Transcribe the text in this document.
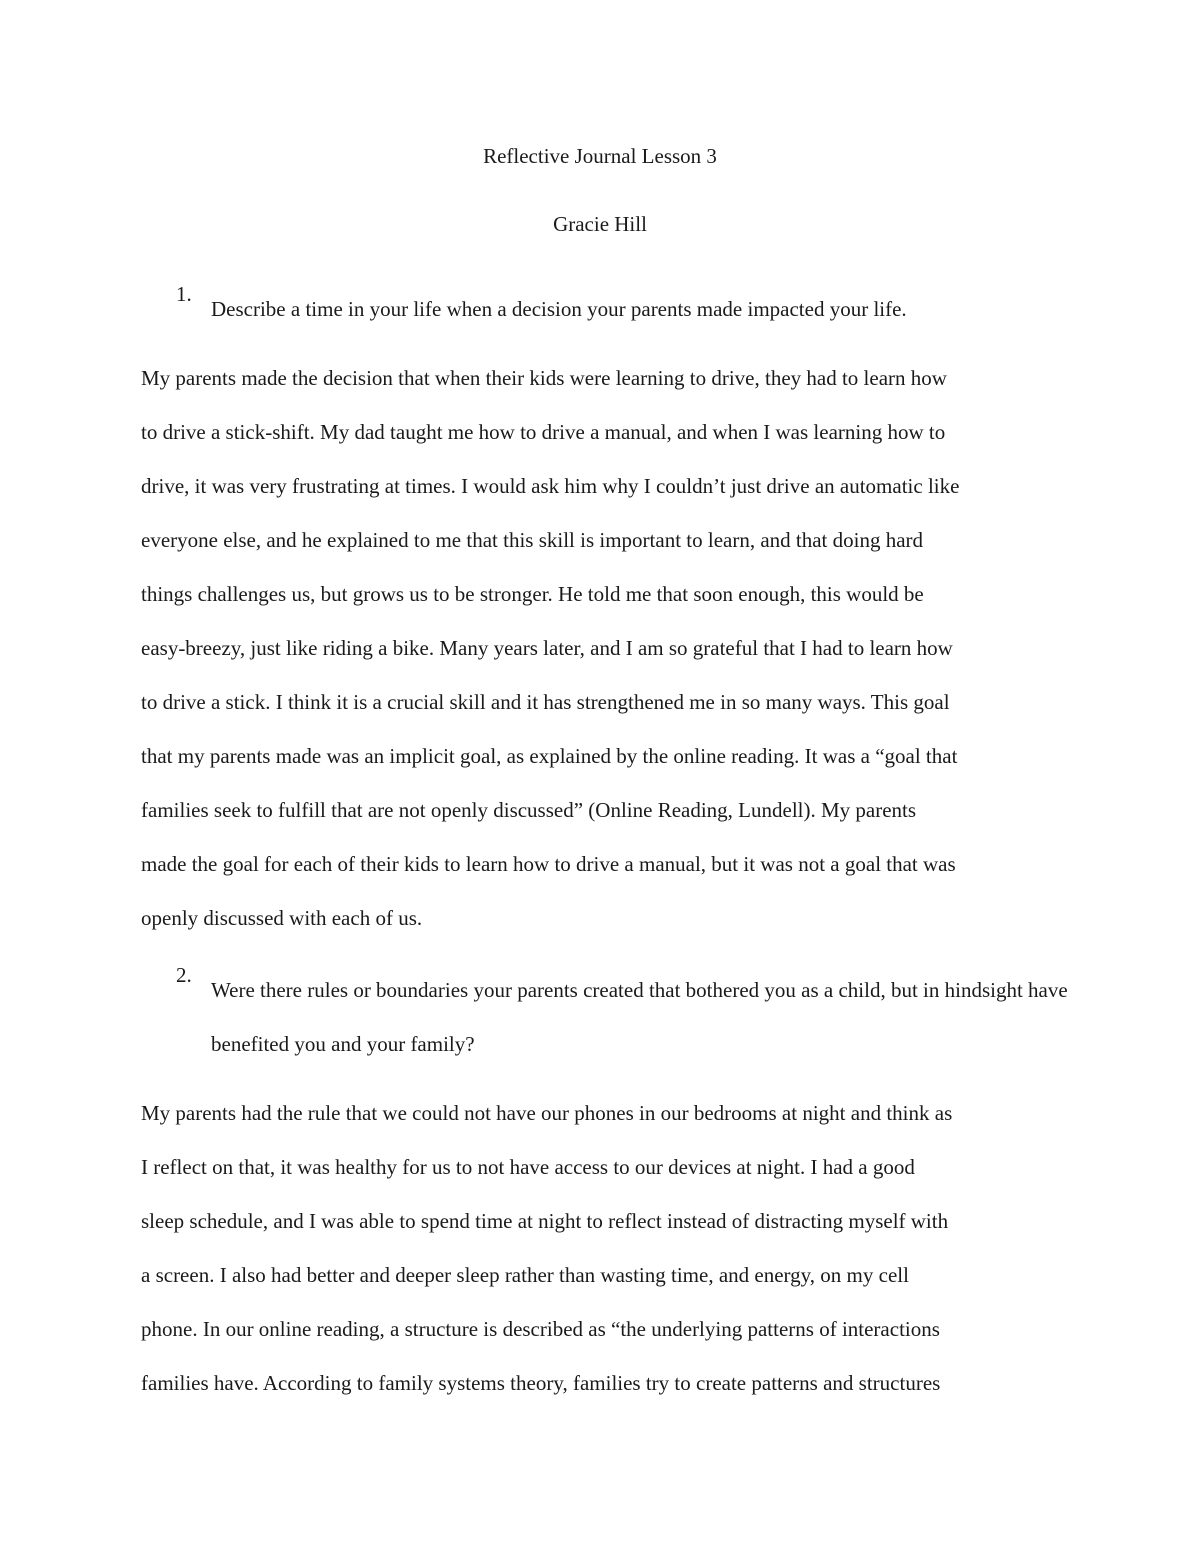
Reflective Journal Lesson 3
Gracie Hill
1.
Describe a time in your life when a decision your parents made impacted your life.
My parents made the decision that when their kids were learning to drive, they had to learn how
to drive a stick-shift. My dad taught me how to drive a manual, and when I was learning how to
drive, it was very frustrating at times. I would ask him why I couldn’t just drive an automatic like
everyone else, and he explained to me that this skill is important to learn, and that doing hard
things challenges us, but grows us to be stronger. He told me that soon enough, this would be
easy-breezy, just like riding a bike. Many years later, and I am so grateful that I had to learn how
to drive a stick. I think it is a crucial skill and it has strengthened me in so many ways. This goal
that my parents made was an implicit goal, as explained by the online reading. It was a “goal that
families seek to fulfill that are not openly discussed” (Online Reading, Lundell). My parents
made the goal for each of their kids to learn how to drive a manual, but it was not a goal that was
openly discussed with each of us.
2.
Were there rules or boundaries your parents created that bothered you as a child, but in hindsight have benefited you and your family?
My parents had the rule that we could not have our phones in our bedrooms at night and think as
I reflect on that, it was healthy for us to not have access to our devices at night. I had a good
sleep schedule, and I was able to spend time at night to reflect instead of distracting myself with
a screen. I also had better and deeper sleep rather than wasting time, and energy, on my cell
phone. In our online reading, a structure is described as “the underlying patterns of interactions
families have. According to family systems theory, families try to create patterns and structures
